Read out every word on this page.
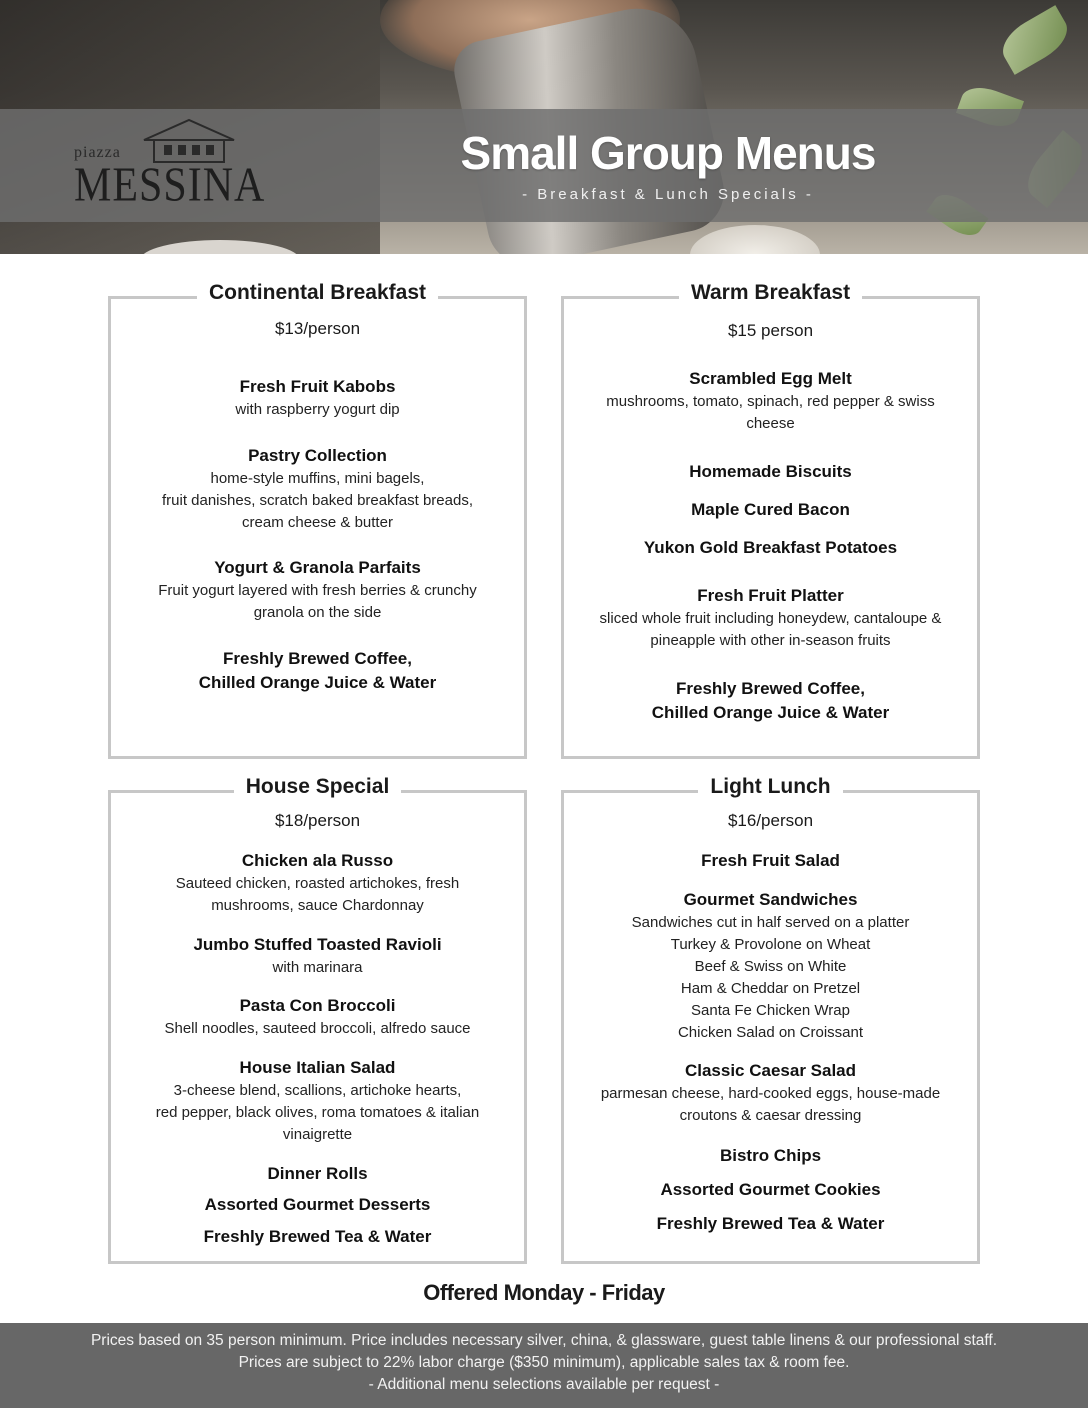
piazza
MESSINA
Small Group Menus
- Breakfast & Lunch Specials -
Continental Breakfast
$13/person
Fresh Fruit Kabobs
with raspberry yogurt dip
Pastry Collection
home-style muffins, mini bagels,
fruit danishes, scratch baked breakfast breads,
cream cheese & butter
Yogurt & Granola Parfaits
Fruit yogurt layered with fresh berries & crunchy
granola on the side
Freshly Brewed Coffee,
Chilled Orange Juice & Water
Warm Breakfast
$15 person
Scrambled Egg Melt
mushrooms, tomato, spinach, red pepper & swiss
cheese
Homemade Biscuits
Maple Cured Bacon
Yukon Gold Breakfast Potatoes
Fresh Fruit Platter
sliced whole fruit including honeydew, cantaloupe &
pineapple with other in-season fruits
Freshly Brewed Coffee,
Chilled Orange Juice & Water
House Special
$18/person
Chicken ala Russo
Sauteed chicken, roasted artichokes, fresh
mushrooms, sauce Chardonnay
Jumbo Stuffed Toasted Ravioli
with marinara
Pasta Con Broccoli
Shell noodles, sauteed broccoli, alfredo sauce
House Italian Salad
3-cheese blend, scallions, artichoke hearts,
red pepper, black olives, roma tomatoes & italian
vinaigrette
Dinner Rolls
Assorted Gourmet Desserts
Freshly Brewed Tea & Water
Light Lunch
$16/person
Fresh Fruit Salad
Gourmet Sandwiches
Sandwiches cut in half served on a platter
Turkey & Provolone on Wheat
Beef & Swiss on White
Ham & Cheddar on Pretzel
Santa Fe Chicken Wrap
Chicken Salad on Croissant
Classic Caesar Salad
parmesan cheese, hard-cooked eggs, house-made
croutons & caesar dressing
Bistro Chips
Assorted Gourmet Cookies
Freshly Brewed Tea & Water
Offered Monday - Friday
Prices based on 35 person minimum. Price includes necessary silver, china, & glassware, guest table linens & our professional staff.
Prices are subject to 22% labor charge ($350 minimum), applicable sales tax & room fee.
- Additional menu selections available per request -
